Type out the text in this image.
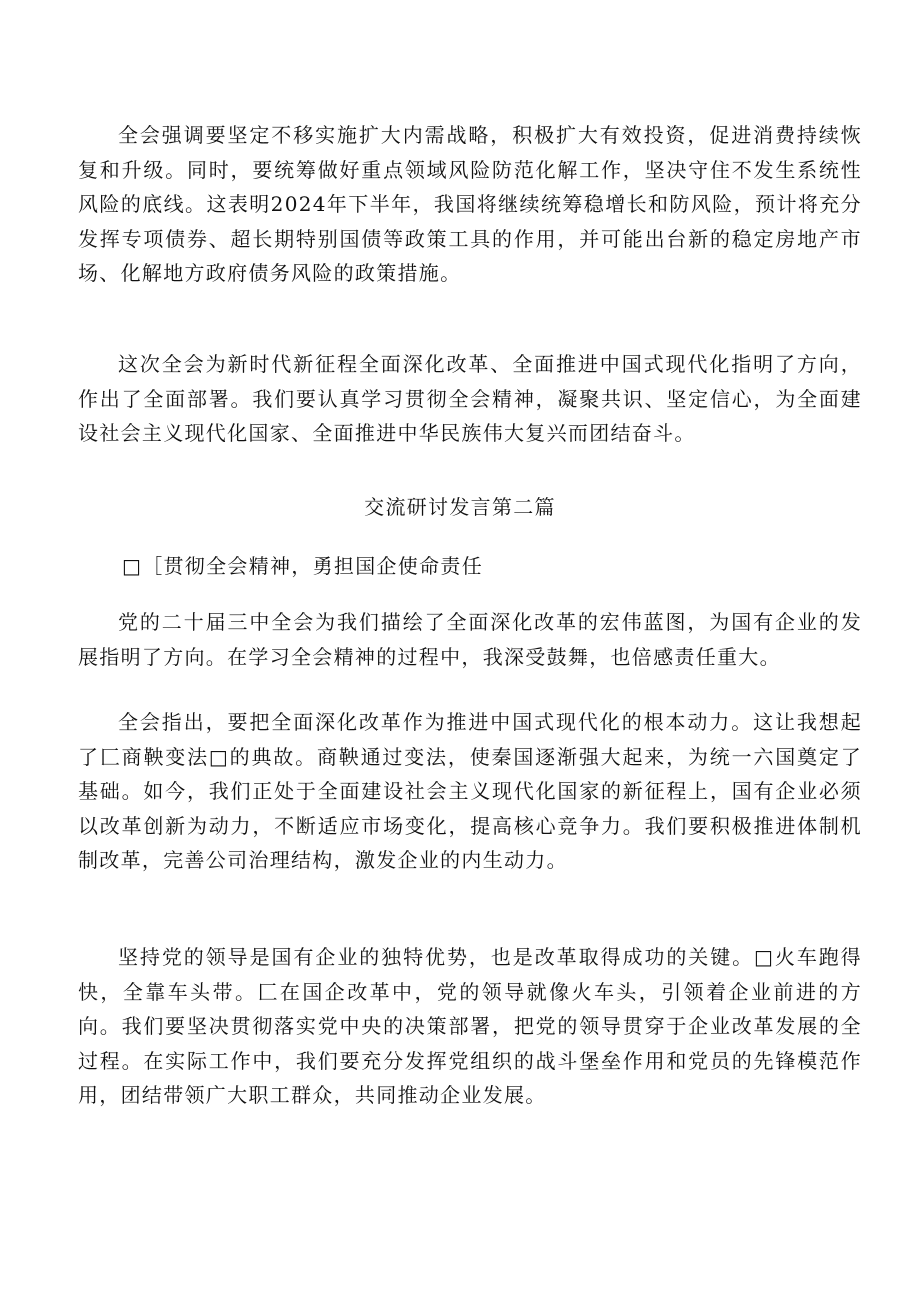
全会强调要坚定不移实施扩大内需战略，积极扩大有效投资，促进消费持续恢复和升级。同时，要统筹做好重点领域风险防范化解工作，坚决守住不发生系统性风险的底线。这表明2024年下半年，我国将继续统筹稳增长和防风险，预计将充分发挥专项债券、超长期特别国债等政策工具的作用，并可能出台新的稳定房地产市场、化解地方政府债务风险的政策措施。

这次全会为新时代新征程全面深化改革、全面推进中国式现代化指明了方向，作出了全面部署。我们要认真学习贯彻全会精神，凝聚共识、坚定信心，为全面建设社会主义现代化国家、全面推进中华民族伟大复兴而团结奋斗。

交流研讨发言第二篇
□［贯彻全会精神，勇担国企使命责任

党的二十届三中全会为我们描绘了全面深化改革的宏伟蓝图，为国有企业的发展指明了方向。在学习全会精神的过程中，我深受鼓舞，也倍感责任重大。

全会指出，要把全面深化改革作为推进中国式现代化的根本动力。这让我想起了匚商鞅变法□的典故。商鞅通过变法，使秦国逐渐强大起来，为统一六国奠定了基础。如今，我们正处于全面建设社会主义现代化国家的新征程上，国有企业必须以改革创新为动力，不断适应市场变化，提高核心竞争力。我们要积极推进体制机制改革，完善公司治理结构，激发企业的内生动力。

坚持党的领导是国有企业的独特优势，也是改革取得成功的关键。□火车跑得快，全靠车头带。匚在国企改革中，党的领导就像火车头，引领着企业前进的方向。我们要坚决贯彻落实党中央的决策部署，把党的领导贯穿于企业改革发展的全过程。在实际工作中，我们要充分发挥党组织的战斗堡垒作用和党员的先锋模范作用，团结带领广大职工群众，共同推动企业发展。
